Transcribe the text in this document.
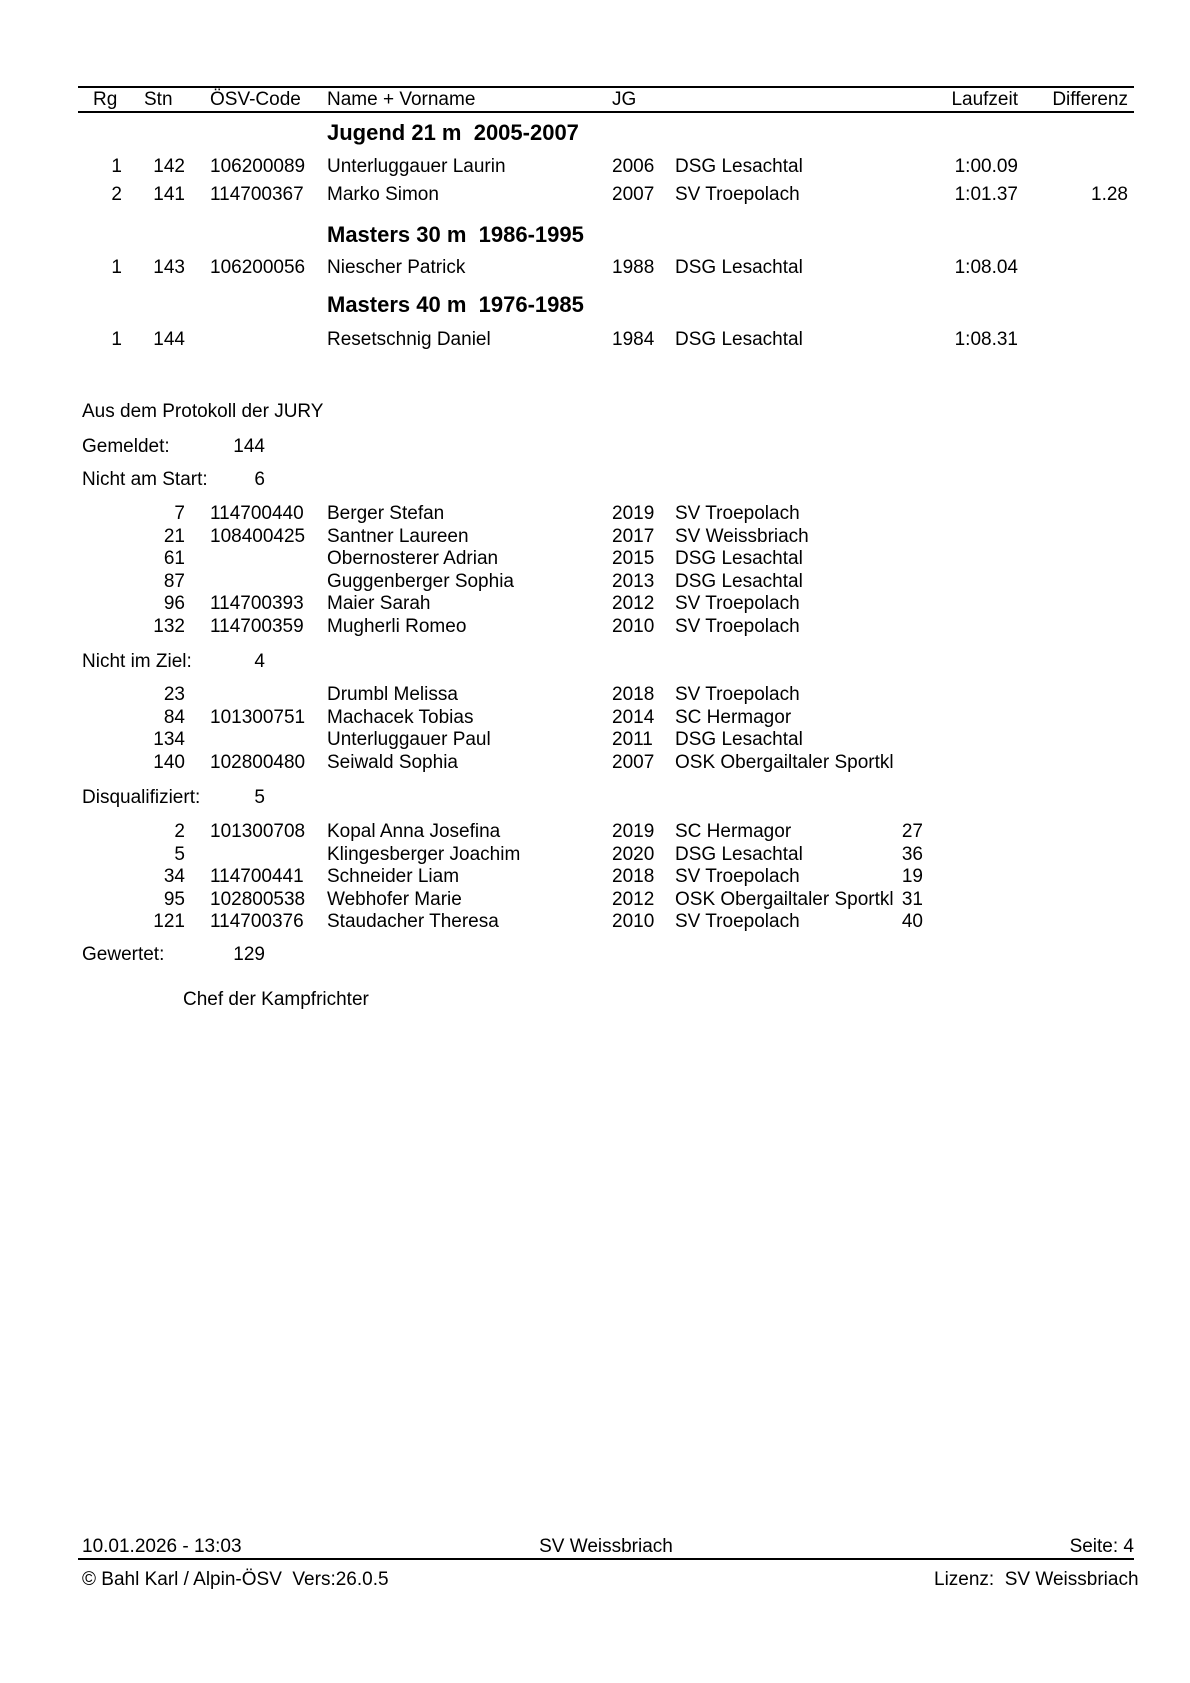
Rg Stn ÖSV-Code Name + Vorname	JG	Laufzeit	Differenz
Jugend 21 m  2005-2007
1	142 106200089	Unterluggauer Laurin	2006	DSG Lesachtal	1:00.09
2	141 114700367	Marko Simon	2007	SV Troepolach	1:01.37	1.28
Masters 30 m  1986-1995
1	143 106200056	Niescher Patrick	1988	DSG Lesachtal	1:08.04
Masters 40 m  1976-1985
1	144	Resetschnig Daniel	1984	DSG Lesachtal	1:08.31
Aus dem Protokoll der JURY
Gemeldet:	144
Nicht am Start:	6
7 114700440	Berger Stefan	2019	SV Troepolach
21 108400425	Santner Laureen	2017	SV Weissbriach
61	Obernosterer Adrian	2015	DSG Lesachtal
87	Guggenberger Sophia	2013	DSG Lesachtal
96 114700393	Maier Sarah	2012	SV Troepolach
132 114700359	Mugherli Romeo	2010	SV Troepolach
Nicht im Ziel:	4
23	Drumbl Melissa	2018	SV Troepolach
84 101300751	Machacek Tobias	2014	SC Hermagor
134	Unterluggauer Paul	2011	DSG Lesachtal
140 102800480	Seiwald Sophia	2007	OSK Obergailtaler Sportkl
Disqualifiziert:	5
2 101300708	Kopal Anna Josefina	2019	SC Hermagor	27
5	Klingesberger Joachim	2020	DSG Lesachtal	36
34 114700441	Schneider Liam	2018	SV Troepolach	19
95 102800538	Webhofer Marie	2012	OSK Obergailtaler Sportkl 31
121 114700376	Staudacher Theresa	2010	SV Troepolach	40
Gewertet:	129
Chef der Kampfrichter
10.01.2026 - 13:03	SV Weissbriach	Seite: 4
© Bahl Karl / Alpin-ÖSV  Vers:26.0.5	Lizenz:  SV Weissbriach
